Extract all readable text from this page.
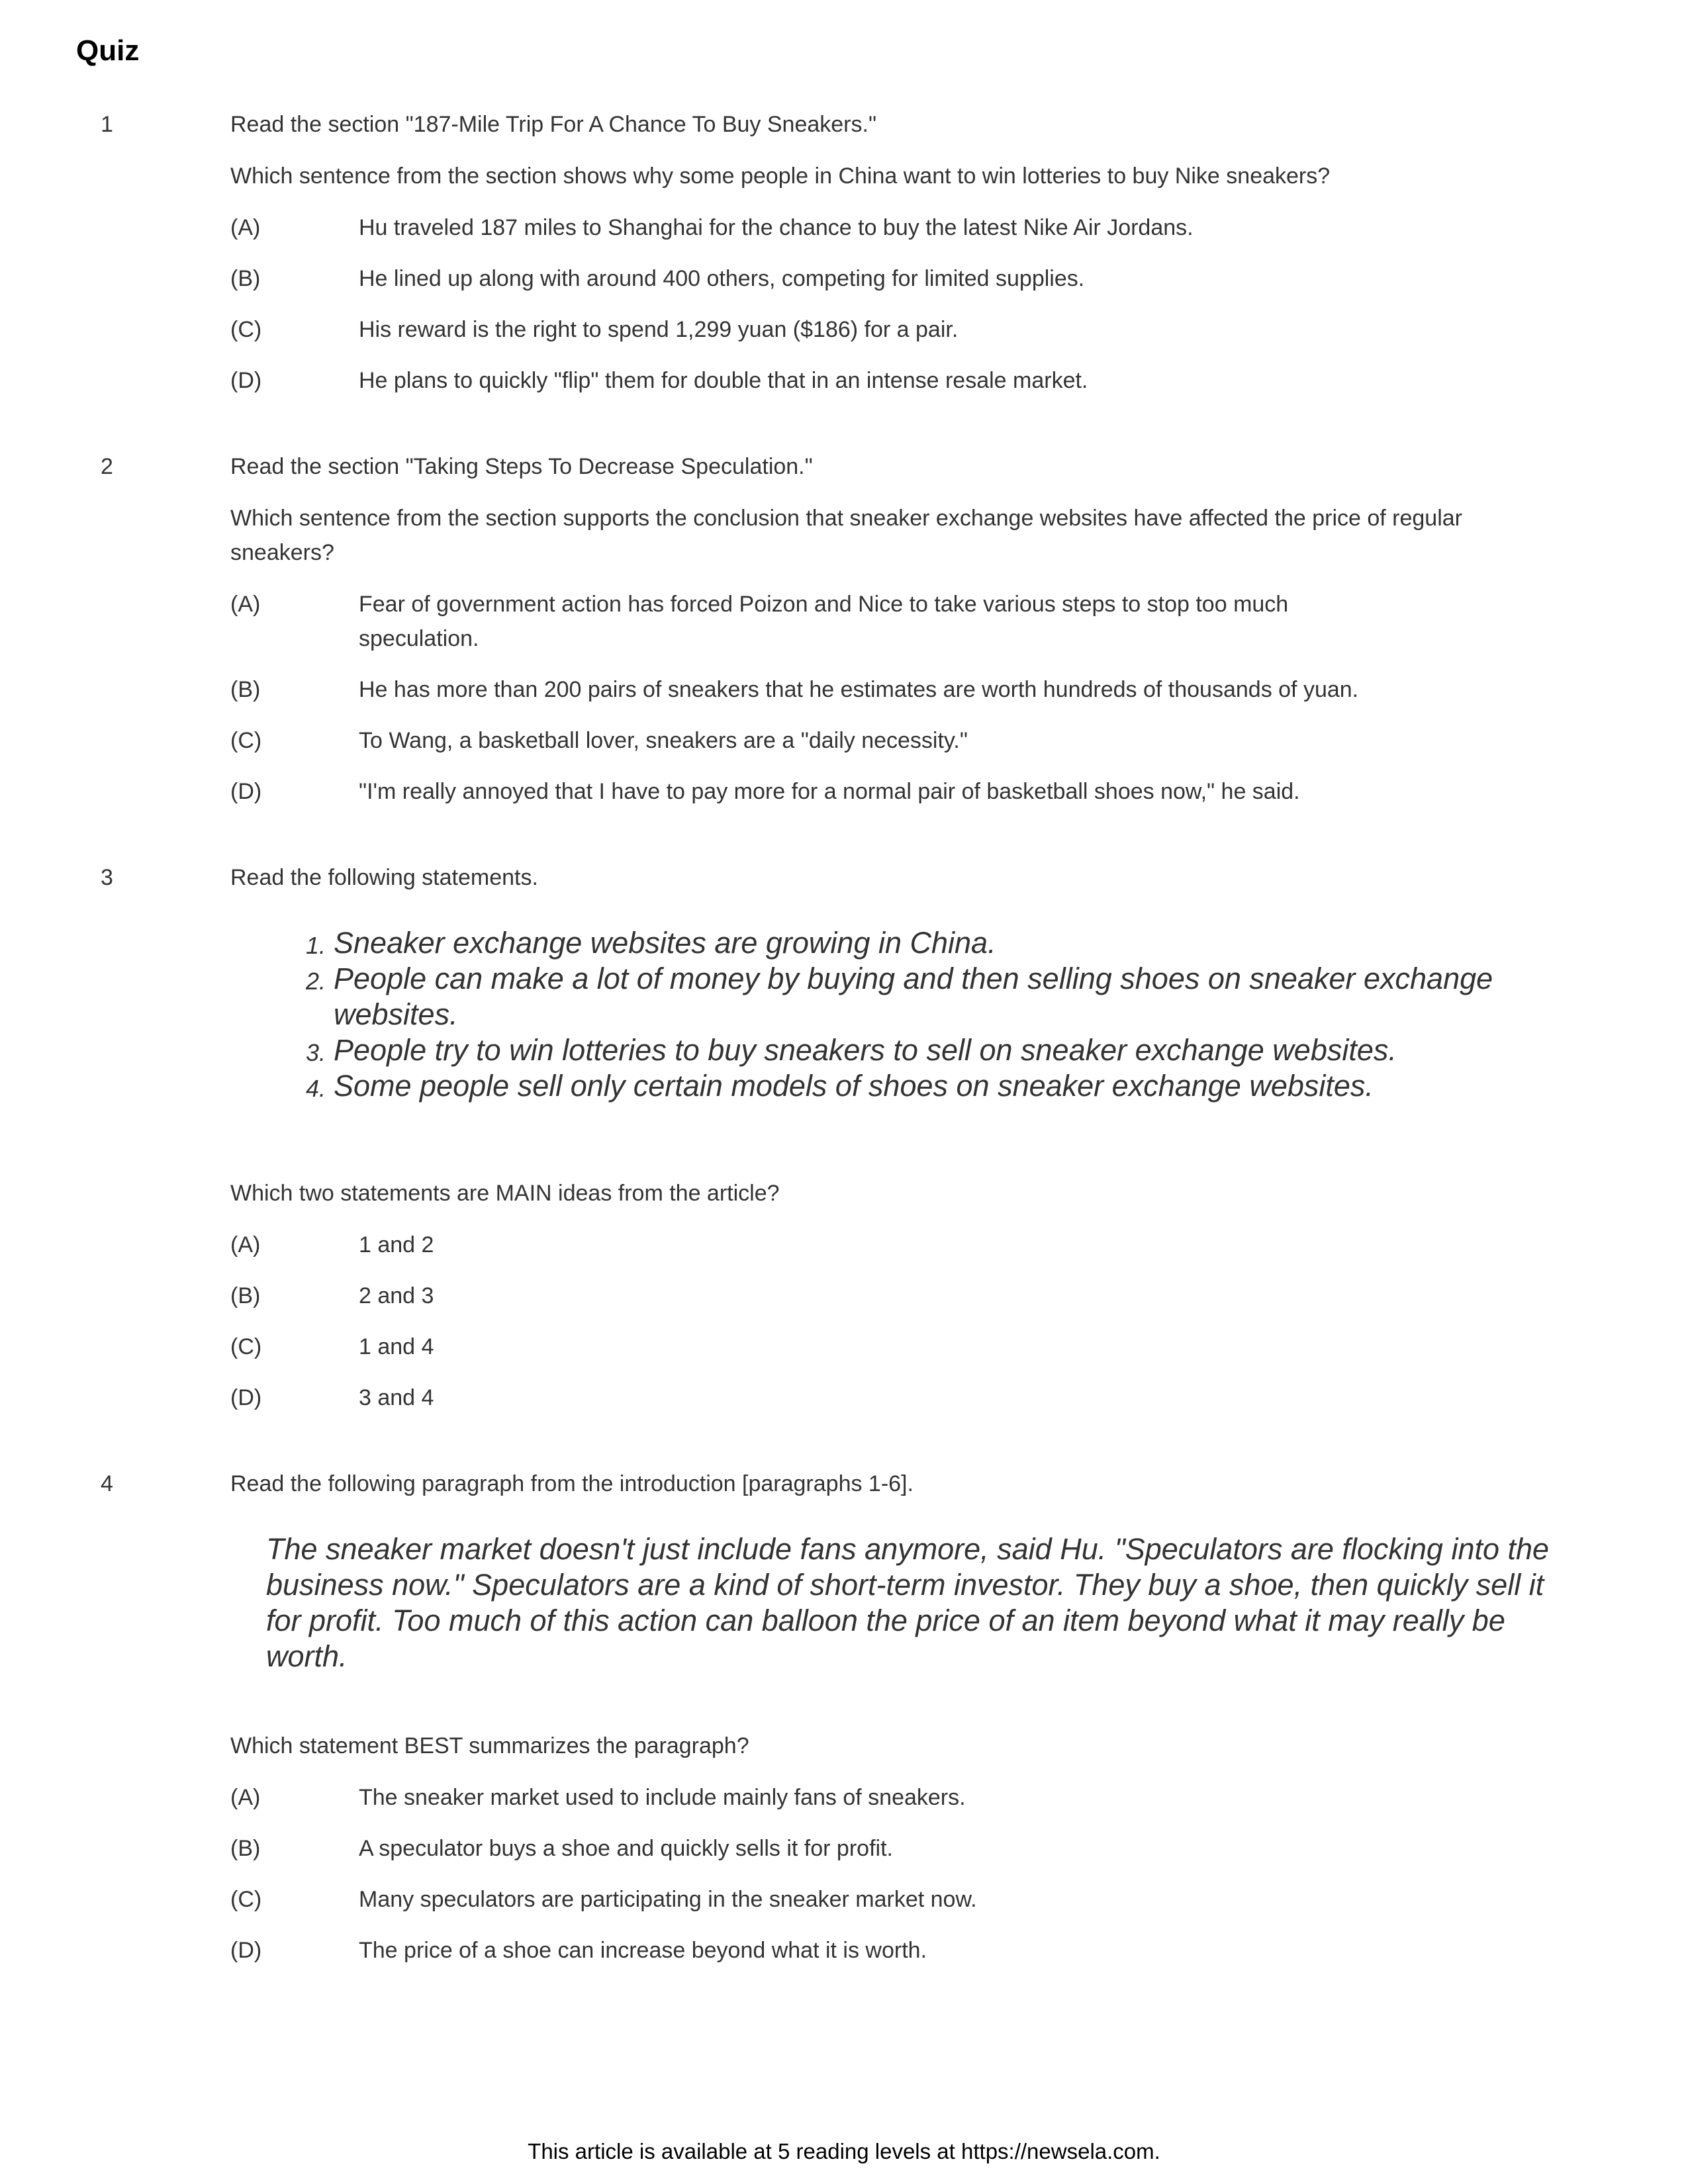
Quiz
1	Read the section "187-Mile Trip For A Chance To Buy Sneakers."
Which sentence from the section shows why some people in China want to win lotteries to buy Nike sneakers?
(A)	Hu traveled 187 miles to Shanghai for the chance to buy the latest Nike Air Jordans.
(B)	He lined up along with around 400 others, competing for limited supplies.
(C)	His reward is the right to spend 1,299 yuan ($186) for a pair.
(D)	He plans to quickly "flip" them for double that in an intense resale market.
2	Read the section "Taking Steps To Decrease Speculation."
Which sentence from the section supports the conclusion that sneaker exchange websites have affected the price of regular sneakers?
(A)	Fear of government action has forced Poizon and Nice to take various steps to stop too much speculation.
(B)	He has more than 200 pairs of sneakers that he estimates are worth hundreds of thousands of yuan.
(C)	To Wang, a basketball lover, sneakers are a "daily necessity."
(D)	"I'm really annoyed that I have to pay more for a normal pair of basketball shoes now," he said.
3	Read the following statements.
1. Sneaker exchange websites are growing in China.
2. People can make a lot of money by buying and then selling shoes on sneaker exchange websites.
3. People try to win lotteries to buy sneakers to sell on sneaker exchange websites.
4. Some people sell only certain models of shoes on sneaker exchange websites.
Which two statements are MAIN ideas from the article?
(A)	1 and 2
(B)	2 and 3
(C)	1 and 4
(D)	3 and 4
4	Read the following paragraph from the introduction [paragraphs 1-6].
The sneaker market doesn't just include fans anymore, said Hu. "Speculators are flocking into the business now." Speculators are a kind of short-term investor. They buy a shoe, then quickly sell it for profit. Too much of this action can balloon the price of an item beyond what it may really be worth.
Which statement BEST summarizes the paragraph?
(A)	The sneaker market used to include mainly fans of sneakers.
(B)	A speculator buys a shoe and quickly sells it for profit.
(C)	Many speculators are participating in the sneaker market now.
(D)	The price of a shoe can increase beyond what it is worth.
This article is available at 5 reading levels at https://newsela.com.
